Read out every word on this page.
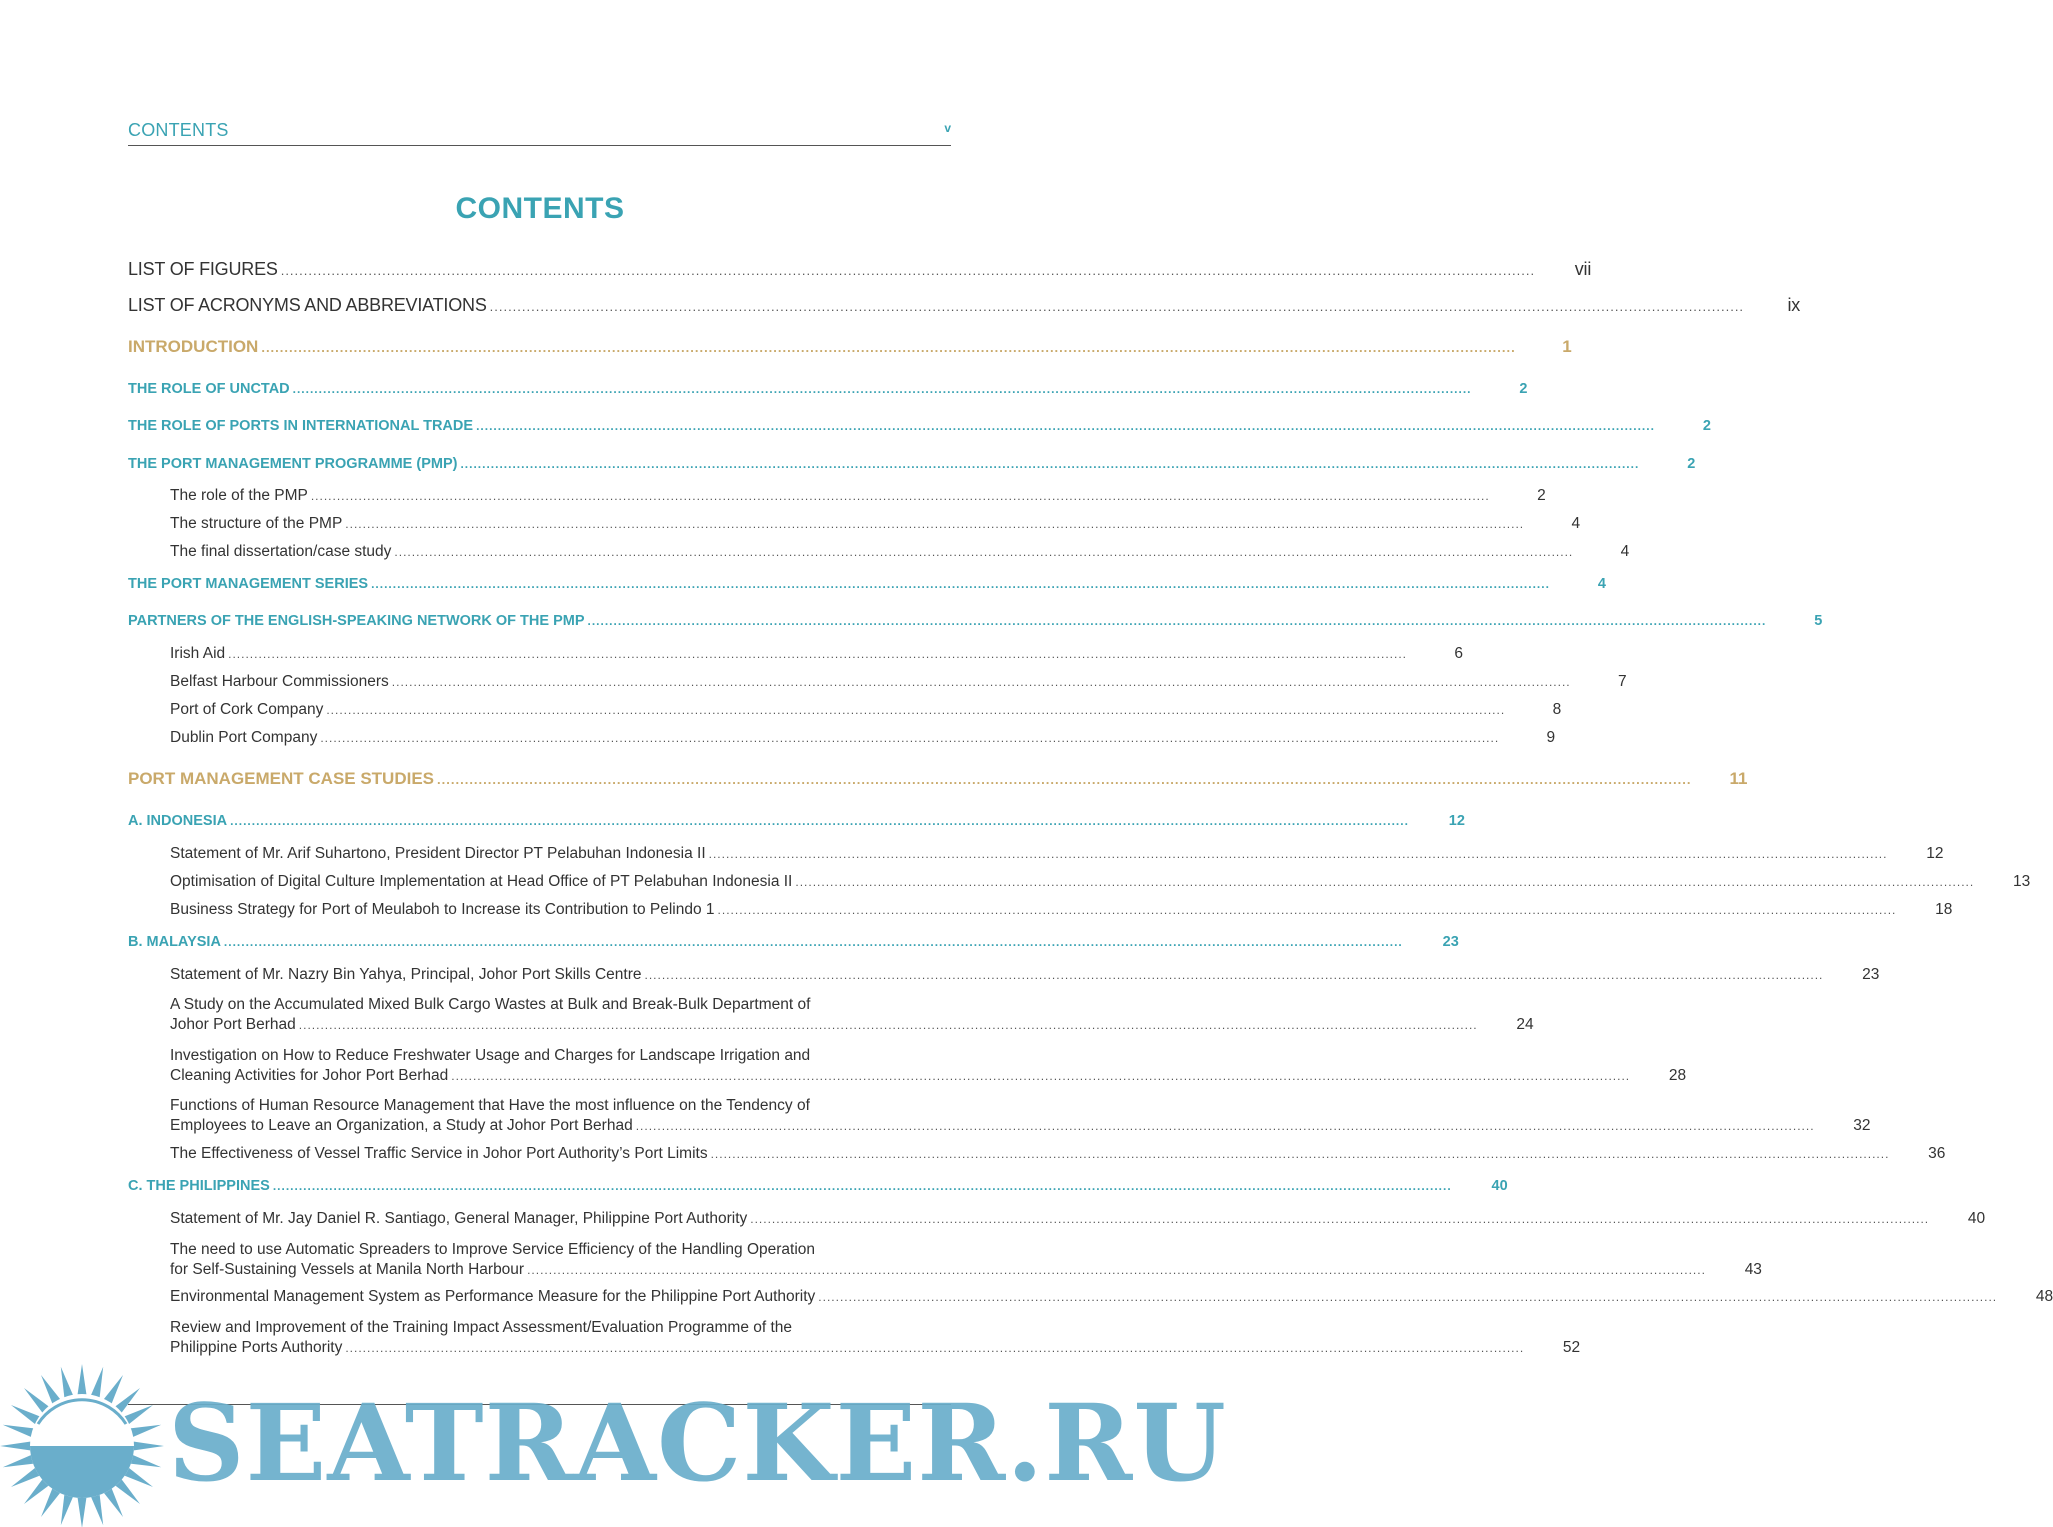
CONTENTS	v
CONTENTS
LIST OF FIGURES .....	vii
LIST OF ACRONYMS AND ABBREVIATIONS .....	ix
INTRODUCTION .....	1
THE ROLE OF UNCTAD .....	2
THE ROLE OF PORTS IN INTERNATIONAL TRADE .....	2
THE PORT MANAGEMENT PROGRAMME (PMP) .....	2
The role of the PMP .....	2
The structure of the PMP .....	4
The final dissertation/case study .....	4
THE PORT MANAGEMENT SERIES .....	4
PARTNERS OF THE ENGLISH-SPEAKING NETWORK OF THE PMP .....	5
Irish Aid .....	6
Belfast Harbour Commissioners .....	7
Port of Cork Company .....	8
Dublin Port Company .....	9
PORT MANAGEMENT CASE STUDIES .....	11
A. INDONESIA .....	12
Statement of Mr. Arif Suhartono, President Director PT Pelabuhan Indonesia II .....	12
Optimisation of Digital Culture Implementation at Head Office of PT Pelabuhan Indonesia II .....	13
Business Strategy for Port of Meulaboh to Increase its Contribution to Pelindo 1 .....	18
B. MALAYSIA .....	23
Statement of Mr. Nazry Bin Yahya, Principal, Johor Port Skills Centre .....	23
A Study on the Accumulated Mixed Bulk Cargo Wastes at Bulk and Break-Bulk Department of
Johor Port Berhad .....	24
Investigation on How to Reduce Freshwater Usage and Charges for Landscape Irrigation and
Cleaning Activities for Johor Port Berhad .....	28
Functions of Human Resource Management that Have the most influence on the Tendency of
Employees to Leave an Organization, a Study at Johor Port Berhad .....	32
The Effectiveness of Vessel Traffic Service in Johor Port Authority’s Port Limits .....	36
C. THE PHILIPPINES .....	40
Statement of Mr. Jay Daniel R. Santiago, General Manager, Philippine Port Authority .....	40
The need to use Automatic Spreaders to Improve Service Efficiency of the Handling Operation
for Self-Sustaining Vessels at Manila North Harbour .....	43
Environmental Management System as Performance Measure for the Philippine Port Authority .....	48
Review and Improvement of the Training Impact Assessment/Evaluation Programme of the
Philippine Ports Authority .....	52
SEATRACKER.RU
